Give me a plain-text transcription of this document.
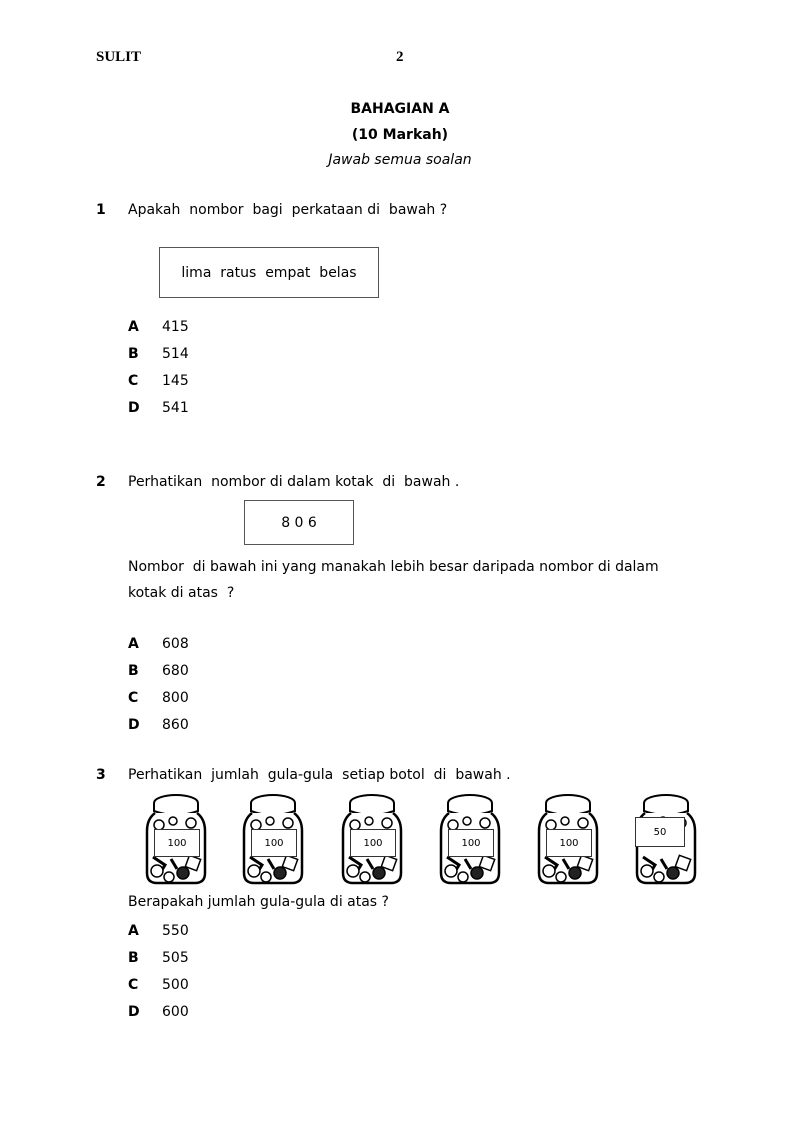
SULIT	2
BAHAGIAN A
(10 Markah)
Jawab semua soalan
1 Apakah  nombor  bagi  perkataan di  bawah ?
lima  ratus  empat  belas
A 415
B 514
C 145
D 541
2 Perhatikan  nombor di dalam kotak  di  bawah .
8 0 6
Nombor  di bawah ini yang manakah lebih besar daripada nombor di dalam
kotak di atas  ?
A 608
B 680
C 800
D 860
3 Perhatikan  jumlah  gula-gula  setiap botol  di  bawah .
100	100	100	100	100
50
Berapakah jumlah gula-gula di atas ?
A 550
B 505
C 500
D 600
